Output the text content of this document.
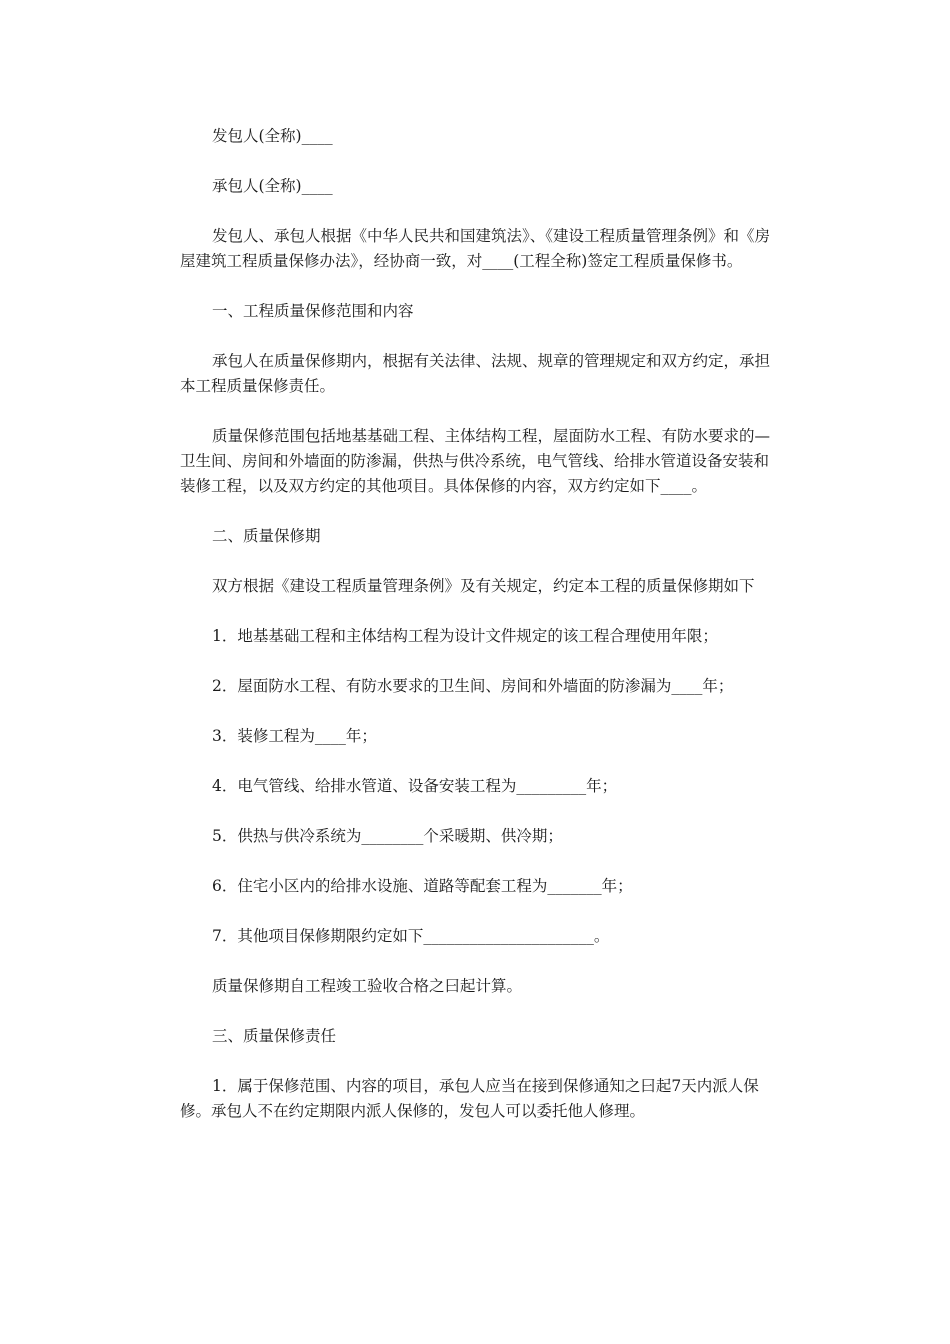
发包人(全称)____

承包人(全称)____

发包人、承包人根据《中华人民共和国建筑法》、《建设工程质量管理条例》和《房屋建筑工程质量保修办法》，经协商一致，对____(工程全称)签定工程质量保修书。

一、工程质量保修范围和内容

承包人在质量保修期内，根据有关法律、法规、规章的管理规定和双方约定，承担本工程质量保修责任。

质量保修范围包括地基基础工程、主体结构工程，屋面防水工程、有防水要求的—卫生间、房间和外墙面的防渗漏，供热与供冷系统，电气管线、给排水管道设备安装和装修工程，以及双方约定的其他项目。具体保修的内容，双方约定如下____。

二、质量保修期

双方根据《建设工程质量管理条例》及有关规定，约定本工程的质量保修期如下

1．地基基础工程和主体结构工程为设计文件规定的该工程合理使用年限；

2．屋面防水工程、有防水要求的卫生间、房间和外墙面的防渗漏为____年；

3．装修工程为____年；

4．电气管线、给排水管道、设备安装工程为_________年；

5．供热与供冷系统为________个采暖期、供冷期；

6．住宅小区内的给排水设施、道路等配套工程为_______年；

7．其他项目保修期限约定如下______________________。

质量保修期自工程竣工验收合格之曰起计算。

三、质量保修责任

1．属于保修范围、内容的项目，承包人应当在接到保修通知之曰起7天内派人保修。承包人不在约定期限内派人保修的，发包人可以委托他人修理。
